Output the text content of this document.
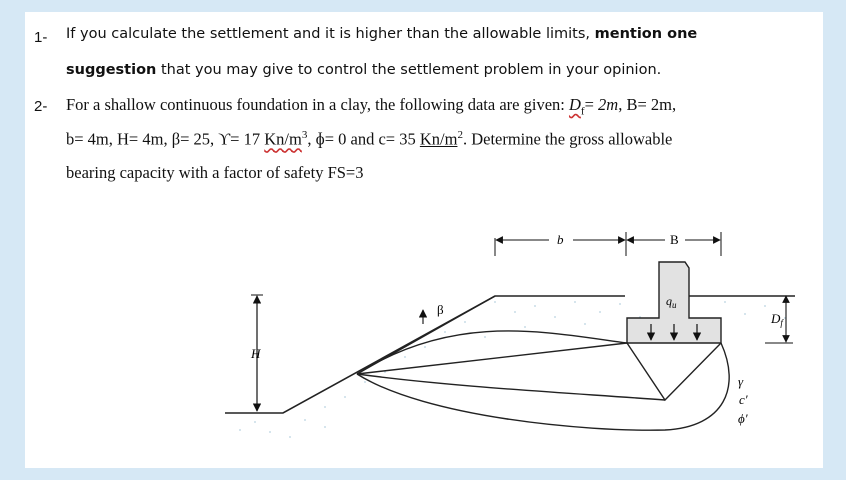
1- If you calculate the settlement and it is higher than the allowable limits, mention one
suggestion that you may give to control the settlement problem in your opinion.
2- For a shallow continuous foundation in a clay, the following data are given: $D_f= 2m$, B= 2m,
b= 4m, H= 4m, β= 25, ϒ= 17 $Kn/m^3$, ɸ= 0 and c= 35 $Kn/m^2$. Determine the gross allowable
bearing capacity with a factor of safety FS=3
$q_u$
β
H
b	B
$D_f$
γ
c′
ϕ′
